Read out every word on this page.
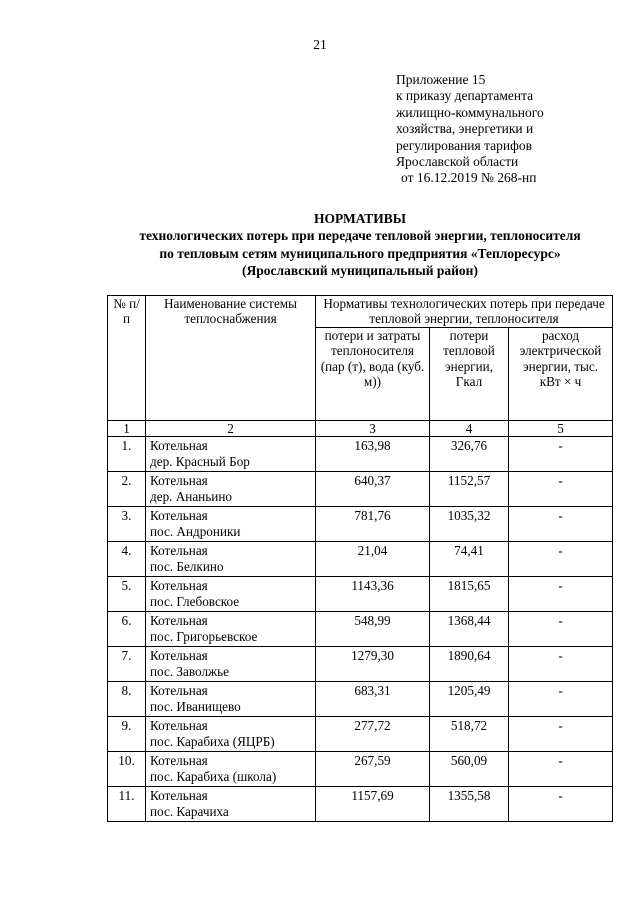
21
Приложение 15
к приказу департамента
жилищно-коммунального
хозяйства, энергетики и
регулирования тарифов
Ярославской области
от 16.12.2019 № 268-нп
НОРМАТИВЫ
технологических потерь при передаче тепловой энергии, теплоносителя
по тепловым сетям муниципального предприятия «Теплоресурс»
(Ярославский муниципальный район)
№ п/п	Наименование системы теплоснабжения	Нормативы технологических потерь при передаче тепловой энергии, теплоносителя		
		потери и затраты теплоносителя (пар (т), вода (куб. м))	потери тепловой энергии, Гкал	расход электрической энергии, тыс. кВт × ч
1	2	3	4	5

1.	Котельная
дер. Красный Бор	163,98	326,76	-

2.	Котельная
дер. Ананьино	640,37	1152,57	-

3.	Котельная
пос. Андроники	781,76	1035,32	-

4.	Котельная
пос. Белкино	21,04	74,41	-

5.	Котельная
пос. Глебовское	1143,36	1815,65	-

6.	Котельная
пос. Григорьевское	548,99	1368,44	-

7.	Котельная
пос. Заволжье	1279,30	1890,64	-

8.	Котельная
пос. Иванищево	683,31	1205,49	-

9.	Котельная
пос. Карабиха (ЯЦРБ)	277,72	518,72	-

10.	Котельная
пос. Карабиха (школа)	267,59	560,09	-

11.	Котельная
пос. Карачиха	1157,69	1355,58	-
